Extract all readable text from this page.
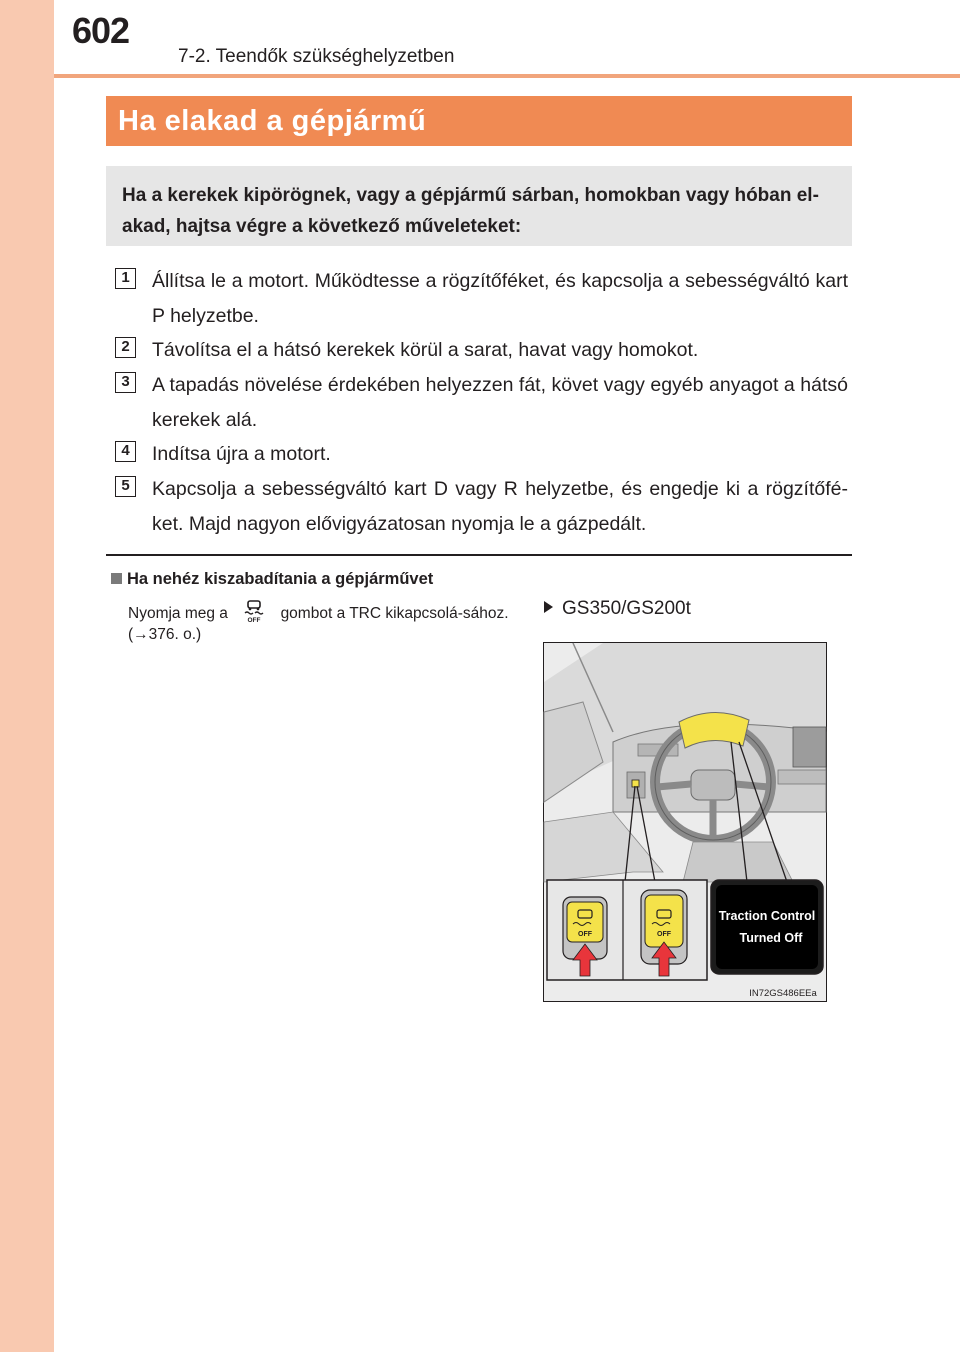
602
7-2. Teendők szükséghelyzetben
Ha elakad a gépjármű
Ha a kerekek kipörögnek, vagy a gépjármű sárban, homokban vagy hóban el-akad, hajtsa végre a következő műveleteket:
1	Állítsa le a motort. Működtesse a rögzítőféket, és kapcsolja a sebességváltó kart P helyzetbe.
2	Távolítsa el a hátsó kerekek körül a sarat, havat vagy homokot.
3	A tapadás növelése érdekében helyezzen fát, követ vagy egyéb anyagot a hátsó kerekek alá.
4	Indítsa újra a motort.
5	Kapcsolja a sebességváltó kart D vagy R helyzetbe, és engedje ki a rögzítőfé-ket. Majd nagyon elővigyázatosan nyomja le a gázpedált.
Ha nehéz kiszabadítania a gépjárművet
Nyomja meg a	OFF gombot a TRC kikapcsolá-sához. (→376. o.)
GS350/GS200t
OFF	OFF
Traction Control
Turned Off
IN72GS486EEa
